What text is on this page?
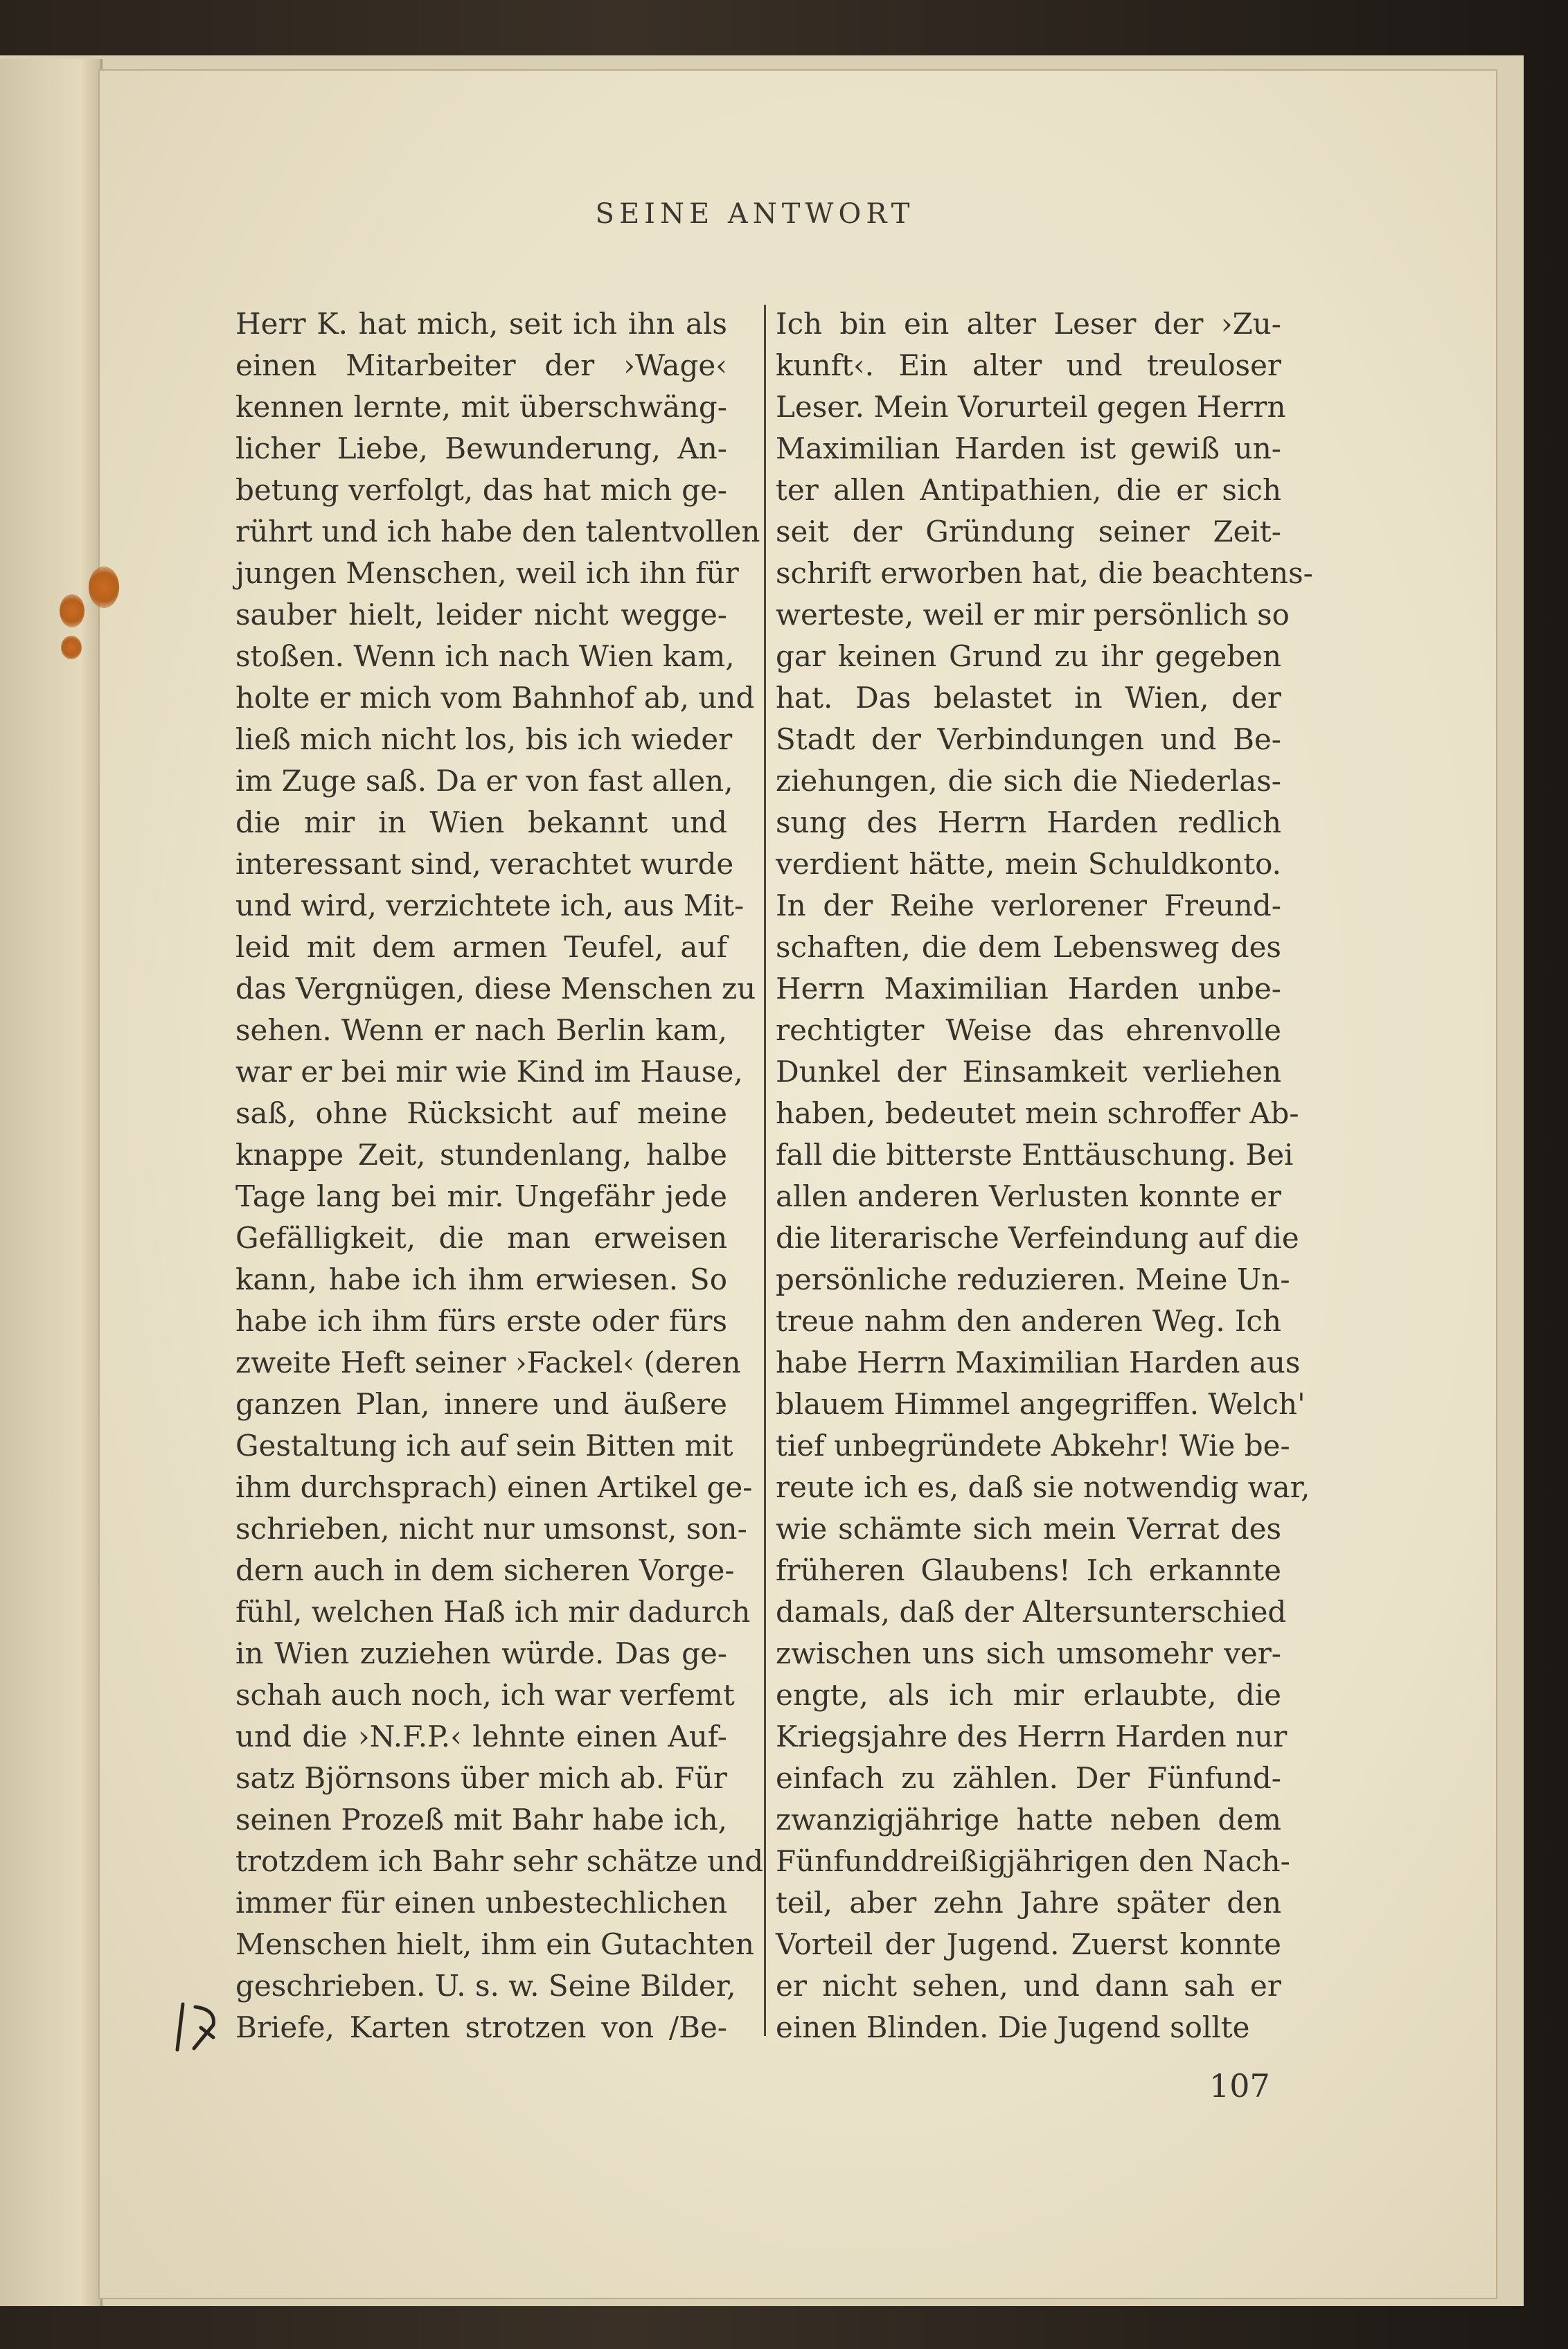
SEINE ANTWORT
Herr K. hat mich, seit ich ihn als
einen Mitarbeiter der ›Wage‹
kennen lernte, mit überschwäng-
licher Liebe, Bewunderung, An-
betung verfolgt, das hat mich ge-
rührt und ich habe den talentvollen
jungen Menschen, weil ich ihn für
sauber hielt, leider nicht wegge-
stoßen. Wenn ich nach Wien kam,
holte er mich vom Bahnhof ab, und
ließ mich nicht los, bis ich wieder
im Zuge saß. Da er von fast allen,
die mir in Wien bekannt und
interessant sind, verachtet wurde
und wird, verzichtete ich, aus Mit-
leid mit dem armen Teufel, auf
das Vergnügen, diese Menschen zu
sehen. Wenn er nach Berlin kam,
war er bei mir wie Kind im Hause,
saß, ohne Rücksicht auf meine
knappe Zeit, stundenlang, halbe
Tage lang bei mir. Ungefähr jede
Gefälligkeit, die man erweisen
kann, habe ich ihm erwiesen. So
habe ich ihm fürs erste oder fürs
zweite Heft seiner ›Fackel‹ (deren
ganzen Plan, innere und äußere
Gestaltung ich auf sein Bitten mit
ihm durchsprach) einen Artikel ge-
schrieben, nicht nur umsonst, son-
dern auch in dem sicheren Vorge-
fühl, welchen Haß ich mir dadurch
in Wien zuziehen würde. Das ge-
schah auch noch, ich war verfemt
und die ›N.F.P.‹ lehnte einen Auf-
satz Björnsons über mich ab. Für
seinen Prozeß mit Bahr habe ich,
trotzdem ich Bahr sehr schätze und
immer für einen unbestechlichen
Menschen hielt, ihm ein Gutachten
geschrieben. U. s. w. Seine Bilder,
Briefe, Karten strotzen von /Be-
Ich bin ein alter Leser der ›Zu-
kunft‹. Ein alter und treuloser
Leser. Mein Vorurteil gegen Herrn
Maximilian Harden ist gewiß un-
ter allen Antipathien, die er sich
seit der Gründung seiner Zeit-
schrift erworben hat, die beachtens-
werteste, weil er mir persönlich so
gar keinen Grund zu ihr gegeben
hat. Das belastet in Wien, der
Stadt der Verbindungen und Be-
ziehungen, die sich die Niederlas-
sung des Herrn Harden redlich
verdient hätte, mein Schuldkonto.
In der Reihe verlorener Freund-
schaften, die dem Lebensweg des
Herrn Maximilian Harden unbe-
rechtigter Weise das ehrenvolle
Dunkel der Einsamkeit verliehen
haben, bedeutet mein schroffer Ab-
fall die bitterste Enttäuschung. Bei
allen anderen Verlusten konnte er
die literarische Verfeindung auf die
persönliche reduzieren. Meine Un-
treue nahm den anderen Weg. Ich
habe Herrn Maximilian Harden aus
blauem Himmel angegriffen. Welch'
tief unbegründete Abkehr! Wie be-
reute ich es, daß sie notwendig war,
wie schämte sich mein Verrat des
früheren Glaubens! Ich erkannte
damals, daß der Altersunterschied
zwischen uns sich umsomehr ver-
engte, als ich mir erlaubte, die
Kriegsjahre des Herrn Harden nur
einfach zu zählen. Der Fünfund-
zwanzigjährige hatte neben dem
Fünfunddreißigjährigen den Nach-
teil, aber zehn Jahre später den
Vorteil der Jugend. Zuerst konnte
er nicht sehen, und dann sah er
einen Blinden. Die Jugend sollte

107
